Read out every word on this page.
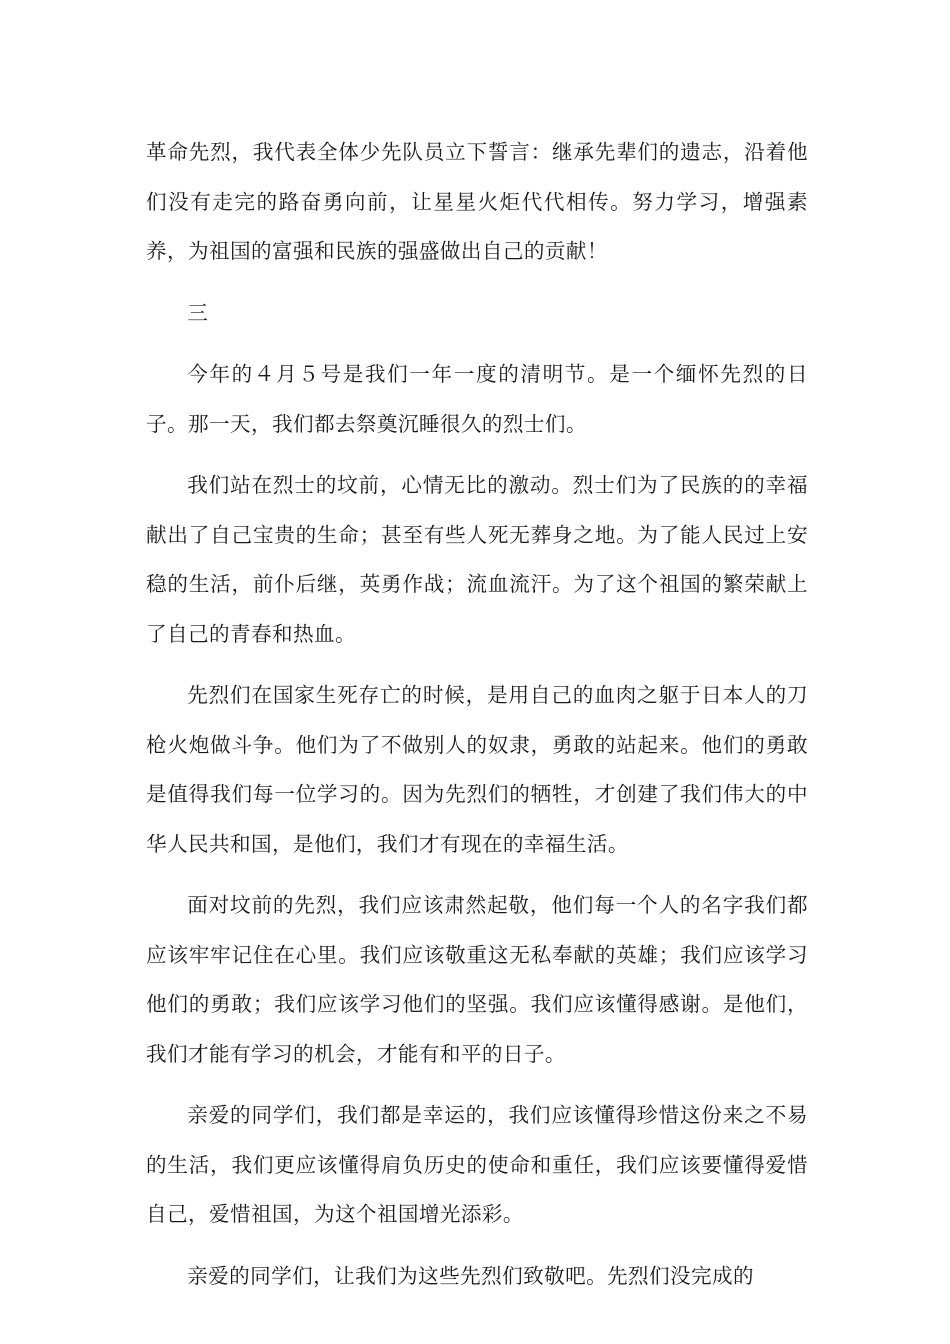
革命先烈，我代表全体少先队员立下誓言：继承先辈们的遗志，沿着他们没有走完的路奋勇向前，让星星火炬代代相传。努力学习，增强素养，为祖国的富强和民族的强盛做出自己的贡献！

三

今年的４月５号是我们一年一度的清明节。是一个缅怀先烈的日子。那一天，我们都去祭奠沉睡很久的烈士们。

我们站在烈士的坟前，心情无比的激动。烈士们为了民族的的幸福献出了自己宝贵的生命；甚至有些人死无葬身之地。为了能人民过上安稳的生活，前仆后继，英勇作战；流血流汗。为了这个祖国的繁荣献上了自己的青春和热血。

先烈们在国家生死存亡的时候，是用自己的血肉之躯于日本人的刀枪火炮做斗争。他们为了不做别人的奴隶，勇敢的站起来。他们的勇敢是值得我们每一位学习的。因为先烈们的牺牲，才创建了我们伟大的中华人民共和国，是他们，我们才有现在的幸福生活。

面对坟前的先烈，我们应该肃然起敬，他们每一个人的名字我们都应该牢牢记住在心里。我们应该敬重这无私奉献的英雄；我们应该学习他们的勇敢；我们应该学习他们的坚强。我们应该懂得感谢。是他们，我们才能有学习的机会，才能有和平的日子。

亲爱的同学们，我们都是幸运的，我们应该懂得珍惜这份来之不易的生活，我们更应该懂得肩负历史的使命和重任，我们应该要懂得爱惜自己，爱惜祖国，为这个祖国增光添彩。

亲爱的同学们，让我们为这些先烈们致敬吧。先烈们没完成的
